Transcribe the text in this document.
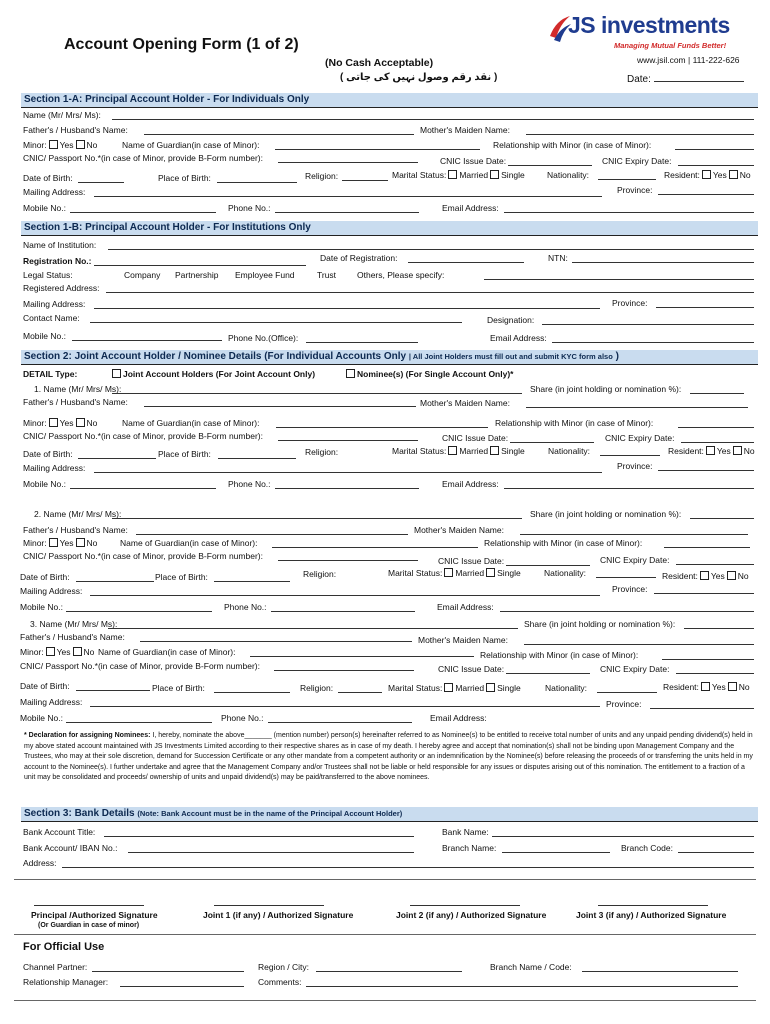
Account Opening Form (1 of 2)
(No Cash Acceptable)
( نقد رقم وصول نہیں کی جاتی )
JS investments
Managing Mutual Funds Better!
www.jsil.com | 111-222-626
Date:
Section 1-A: Principal Account Holder - For Individuals Only
Name (Mr/ Mrs/ Ms):
Father's / Husband's Name:	Mother's Maiden Name:
Minor: Yes No	Name of Guardian(in case of Minor):	Relationship with Minor (in case of Minor):
CNIC/ Passport No.*(in case of Minor, provide B-Form number):	CNIC Issue Date:	CNIC Expiry Date:
Date of Birth:	Place of Birth:	Religion:	Marital Status: Married Single	Nationality:	Resident: Yes No
Mailing Address:	Province:
Mobile No.:	Phone No.:	Email Address:
Section 1-B: Principal Account Holder - For Institutions Only
Name of Institution:
Registration No.:	Date of Registration:	NTN:
Legal Status:	Company Partnership Employee Fund	Trust Others, Please specify:
Registered Address:
Mailing Address:	Province:
Contact Name:	Designation:
Mobile No.:	Phone No.(Office):	Email Address:
Section 2: Joint Account Holder / Nominee Details (For Individual Accounts Only | All Joint Holders must fill out and submit KYC form also )
DETAIL Type:	Joint Account Holders (For Joint Account Only)	Nominee(s) (For Single Account Only)*
1. Name (Mr/ Mrs/ Ms):	Share (in joint holding or nomination %):
Father's / Husband's Name:	Mother's Maiden Name:
Minor: Yes No	Name of Guardian(in case of Minor):	Relationship with Minor (in case of Minor):
CNIC/ Passport No.*(in case of Minor, provide B-Form number):	CNIC Issue Date:	CNIC Expiry Date:
Date of Birth:	Place of Birth:	Religion:	Marital Status: Married Single	Nationality:	Resident: Yes No
Mailing Address:	Province:
Mobile No.:	Phone No.:	Email Address:
2. Name (Mr/ Mrs/ Ms):	Share (in joint holding or nomination %):
Father's / Husband's Name:	Mother's Maiden Name:
Minor: Yes No	Name of Guardian(in case of Minor):	Relationship with Minor (in case of Minor):
CNIC/ Passport No.*(in case of Minor, provide B-Form number):	CNIC Issue Date:	CNIC Expiry Date:
Date of Birth:	Place of Birth:	Religion:	Marital Status: Married Single	Nationality:	Resident: Yes No
Mailing Address:	Province:
Mobile No.:	Phone No.:	Email Address:
3. Name (Mr/ Mrs/ Ms):	Share (in joint holding or nomination %):
Father's / Husband's Name:	Mother's Maiden Name:
Minor: Yes No Name of Guardian(in case of Minor):	Relationship with Minor (in case of Minor):
CNIC/ Passport No.*(in case of Minor, provide B-Form number):	CNIC Issue Date:	CNIC Expiry Date:
Date of Birth:	Place of Birth:	Religion:	Marital Status: Married Single	Nationality:	Resident: Yes No
Mailing Address:	Province:
Mobile No.:	Phone No.:	Email Address:
* Declaration for assigning Nominees: I, hereby, nominate the above_______ (mention number) person(s) hereinafter referred to as Nominee(s) to be entitled to receive total number of units and any unpaid pending dividend(s) held in my above stated account maintained with JS Investments Limited according to their respective shares as in case of my death. I hereby agree and accept that nomination(s) shall not be binding upon Management Company and the Trustees, who may at their sole discretion, demand for Succession Certificate or any other mandate from a competent authority or an indemnification by the Nominee(s) before releasing the proceeds of or transferring the units held in my account to the Nominee(s). I further undertake and agree that the Management Company and/or Trustees shall not be liable or held responsible for any issues or disputes arising out of this nomination. The entitlement to a fraction of a unit may be consolidated and proceeds/ ownership of units and unpaid dividend(s) may be paid/transferred to the above nominees.
Section 3: Bank Details (Note: Bank Account must be in the name of the Principal Account Holder)
Bank Account Title:	Bank Name:
Bank Account/ IBAN No.:	Branch Name:	Branch Code:
Address:
Principal /Authorized Signature
(Or Guardian in case of minor)
Joint 1 (if any) / Authorized Signature	Joint 2 (if any) / Authorized Signature	Joint 3 (if any) / Authorized Signature
For Official Use
Channel Partner:	Region / City:	Branch Name / Code:
Relationship Manager:	Comments:
